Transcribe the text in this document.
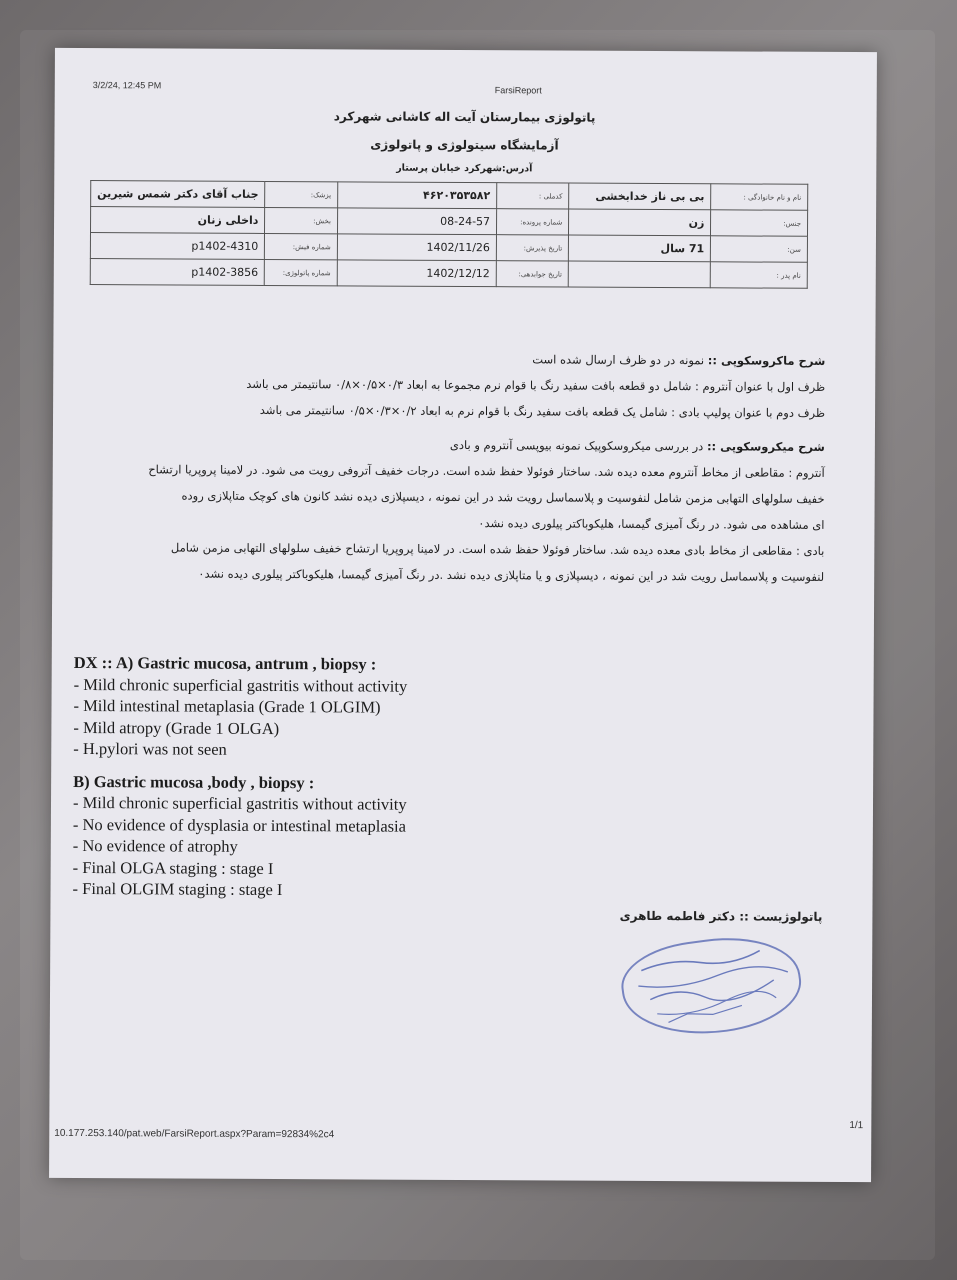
3/2/24, 12:45 PM	FarsiReport
پاتولوژی بیمارستان آیت اله کاشانی شهرکرد
آزمایشگاه سیتولوژی و پاتولوژی
آدرس:شهرکرد خیابان پرستار
نام و نام خانوادگی :	بی بی ناز خدابخشی	کدملی :	۴۶۲۰۳۵۳۵۸۲	پزشک:	جناب آقای دکتر شمس شیرین
جنس:	زن	شماره پرونده:	08-24-57	بخش:	داخلی زنان
سن:	71 سال	تاریخ پذیرش:	1402/11/26	شماره فیش:	p1402-4310
نام پدر :		تاریخ جوابدهی:	1402/12/12	شماره پاتولوژی:	p1402-3856
شرح ماکروسکوپی :: نمونه در دو ظرف ارسال شده است
ظرف اول با عنوان آنتروم : شامل دو قطعه بافت سفید رنگ با قوام نرم مجموعا به ابعاد ۰/۳×۰/۵×۰/۸ سانتیمتر می باشد
ظرف دوم با عنوان پولیپ بادی : شامل یک قطعه بافت سفید رنگ با قوام نرم به ابعاد ۰/۲×۰/۳×۰/۵ سانتیمتر می باشد
شرح میکروسکوپی :: در بررسی میکروسکوپیک نمونه بیوپسی آنتروم و بادی
آنتروم : مقاطعی از مخاط آنتروم معده دیده شد. ساختار فوئولا حفظ شده است. درجات خفیف آتروفی رویت می شود. در لامینا پروپریا ارتشاح
خفیف سلولهای التهابی مزمن شامل لنفوسیت و پلاسماسل رویت شد در این نمونه ، دیسپلازی دیده نشد کانون های کوچک متاپلازی روده
ای مشاهده می شود. در رنگ آمیزی گیمسا، هلیکوباکتر پیلوری دیده نشد۰
بادی : مقاطعی از مخاط بادی معده دیده شد. ساختار فوئولا حفظ شده است. در لامینا پروپریا ارتشاح خفیف سلولهای التهابی مزمن شامل
لنفوسیت و پلاسماسل رویت شد در این نمونه ، دیسپلازی و یا متاپلازی دیده نشد .در رنگ آمیزی گیمسا، هلیکوباکتر پیلوری دیده نشد۰
DX :: A) Gastric mucosa, antrum , biopsy :
- Mild chronic superficial gastritis without activity
- Mild intestinal metaplasia (Grade 1 OLGIM)
- Mild atropy (Grade 1 OLGA)
- H.pylori was not seen
B) Gastric mucosa ,body , biopsy :
- Mild chronic superficial gastritis without activity
- No evidence of dysplasia or intestinal metaplasia
- No evidence of atrophy
- Final OLGA staging : stage I
- Final OLGIM staging : stage I
پاتولوژیست :: دکتر فاطمه طاهری
10.177.253.140/pat.web/FarsiReport.aspx?Param=92834%2c4
1/1
